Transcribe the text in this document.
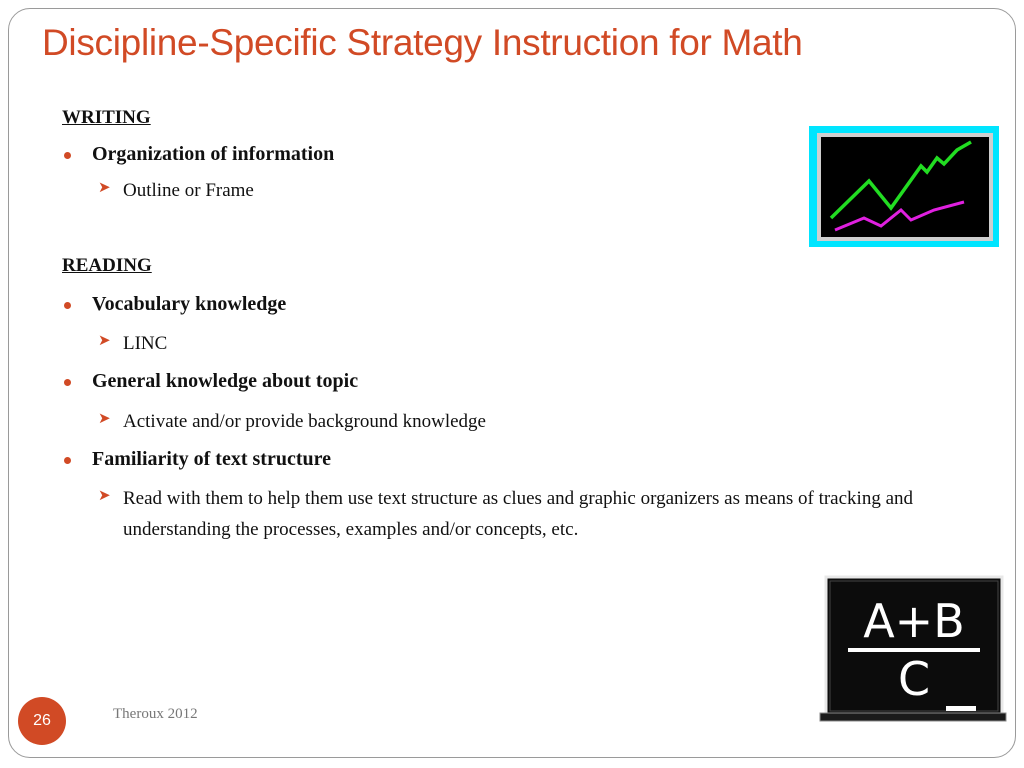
Discipline-Specific Strategy Instruction for Math
WRITING
Organization of information
➤ Outline or Frame
READING
Vocabulary knowledge
➤ LINC
General knowledge about topic
➤ Activate and/or provide background knowledge
Familiarity of text structure
➤ Read with them to help them use text structure as clues and graphic organizers as means of tracking and understanding the processes, examples and/or concepts, etc.
A+B
C
26	Theroux 2012
